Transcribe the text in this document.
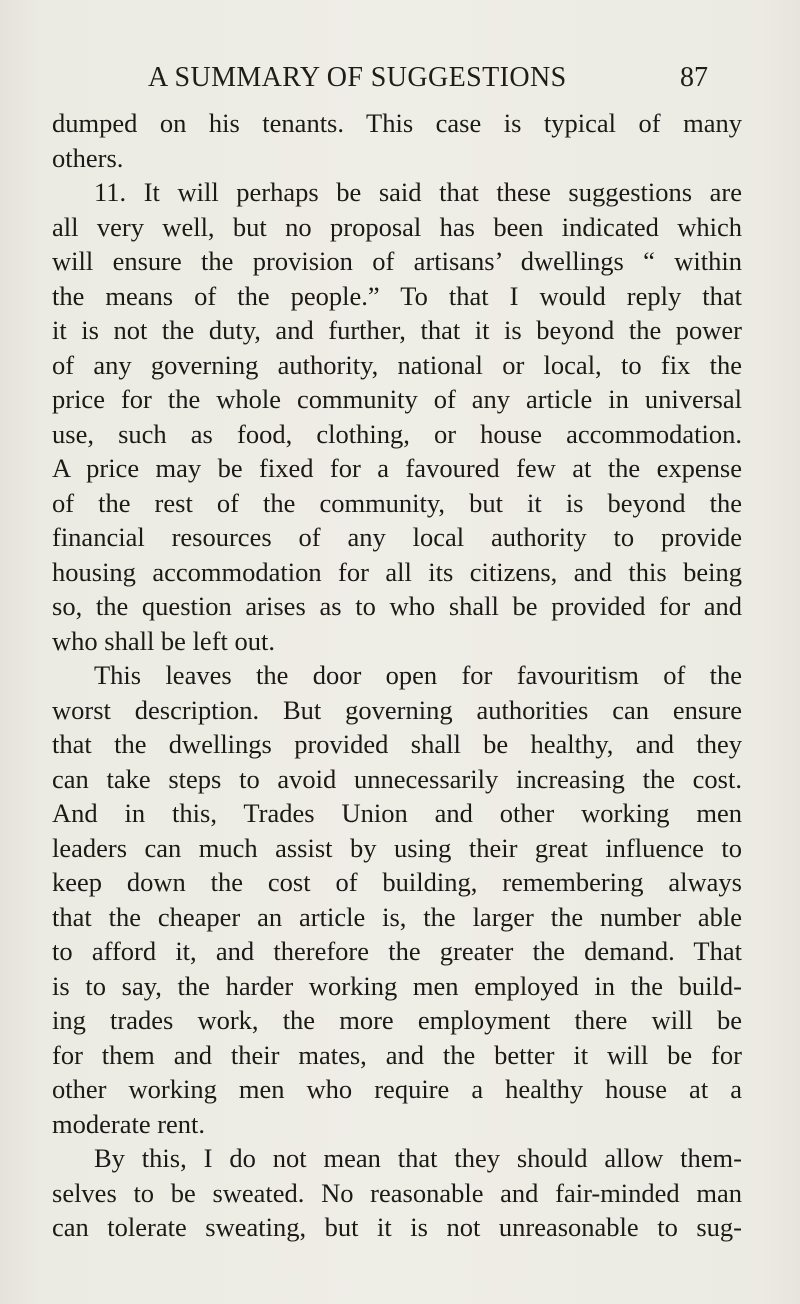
A SUMMARY OF SUGGESTIONS	87
dumped on his tenants. This case is typical of many
others.
11. It will perhaps be said that these suggestions are
all very well, but no proposal has been indicated which
will ensure the provision of artisans’ dwellings “ within
the means of the people.” To that I would reply that
it is not the duty, and further, that it is beyond the power
of any governing authority, national or local, to fix the
price for the whole community of any article in universal
use, such as food, clothing, or house accommodation.
A price may be fixed for a favoured few at the expense
of the rest of the community, but it is beyond the
financial resources of any local authority to provide
housing accommodation for all its citizens, and this being
so, the question arises as to who shall be provided for and
who shall be left out.
This leaves the door open for favouritism of the
worst description. But governing authorities can ensure
that the dwellings provided shall be healthy, and they
can take steps to avoid unnecessarily increasing the cost.
And in this, Trades Union and other working men
leaders can much assist by using their great influence to
keep down the cost of building, remembering always
that the cheaper an article is, the larger the number able
to afford it, and therefore the greater the demand. That
is to say, the harder working men employed in the build-
ing trades work, the more employment there will be
for them and their mates, and the better it will be for
other working men who require a healthy house at a
moderate rent.
By this, I do not mean that they should allow them-
selves to be sweated. No reasonable and fair-minded man
can tolerate sweating, but it is not unreasonable to sug-
